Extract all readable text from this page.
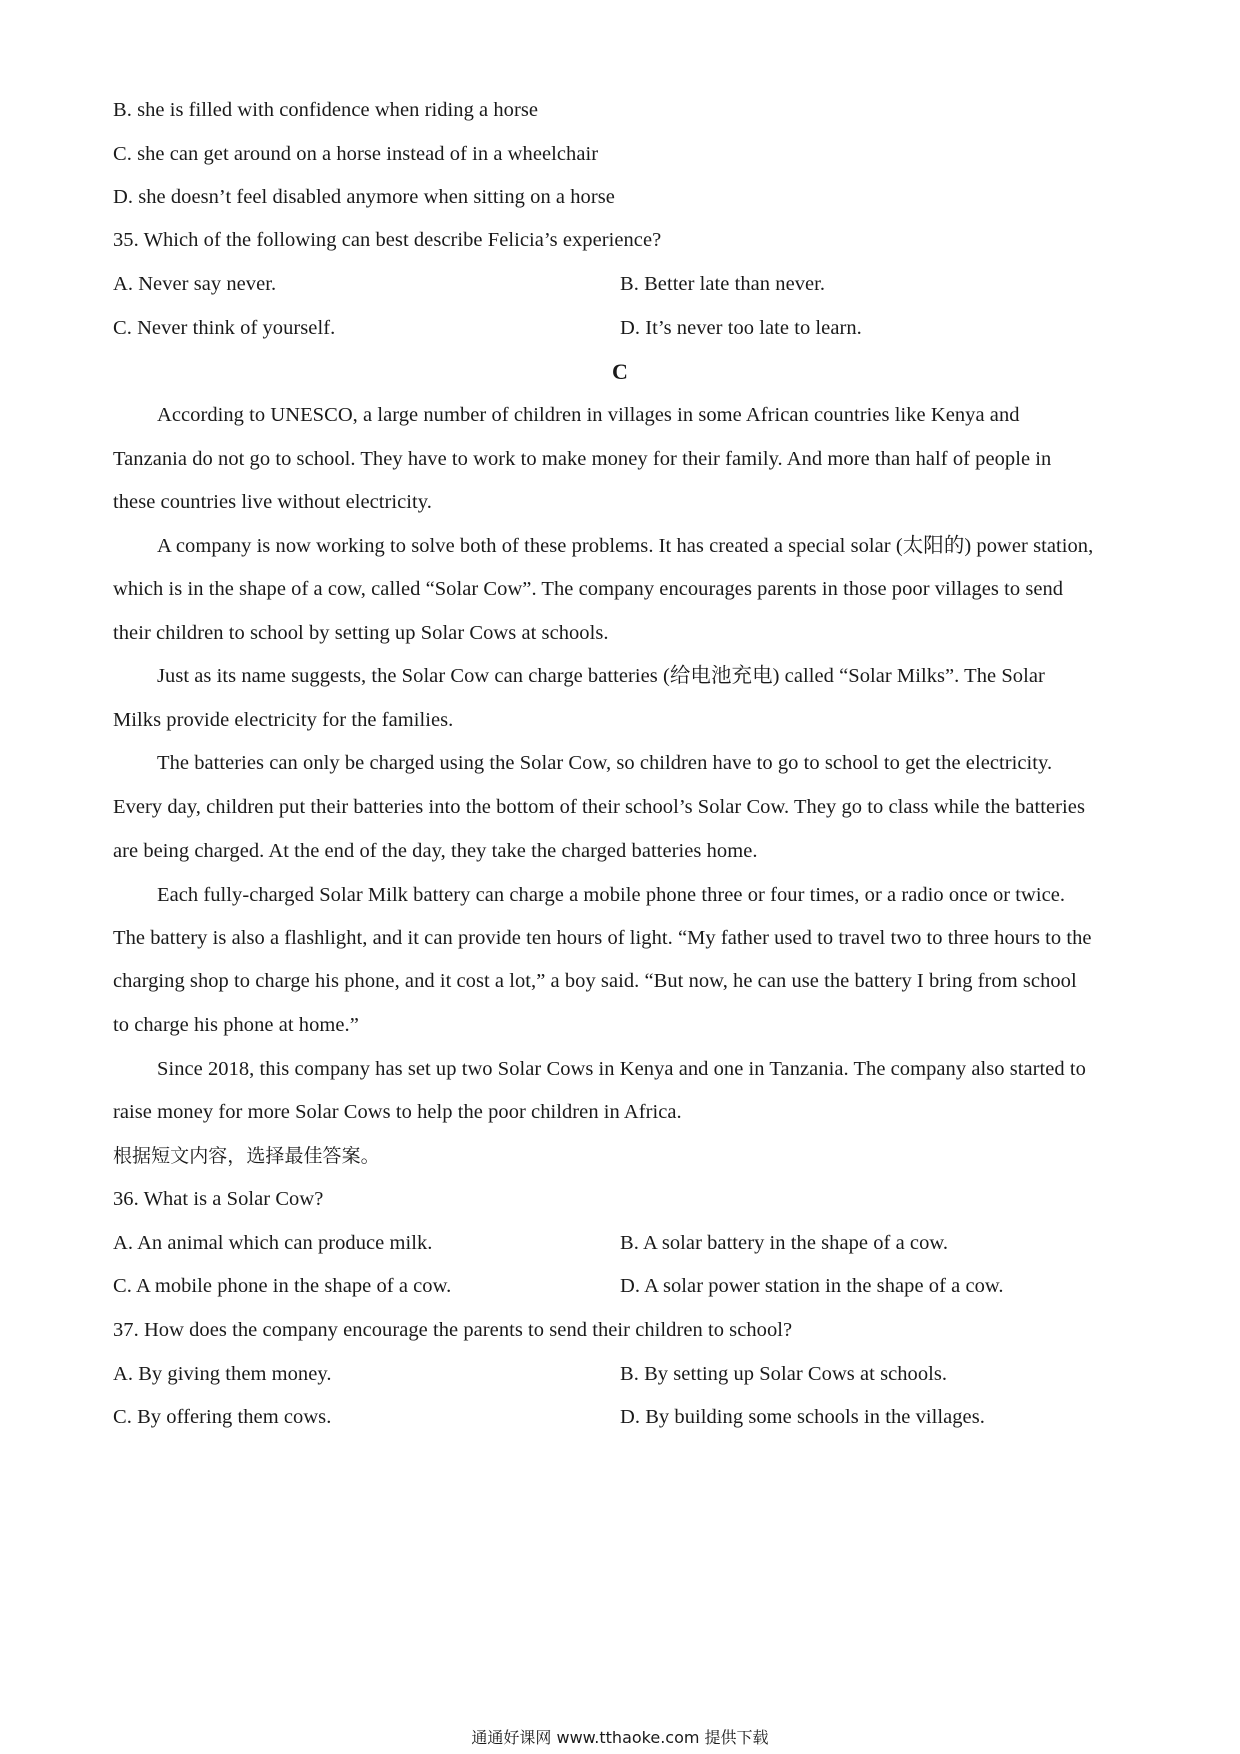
B. she is filled with confidence when riding a horse
C. she can get around on a horse instead of in a wheelchair
D. she doesn’t feel disabled anymore when sitting on a horse
35. Which of the following can best describe Felicia’s experience?
A. Never say never.	B. Better late than never.
C. Never think of yourself.	D. It’s never too late to learn.
C
According to UNESCO, a large number of children in villages in some African countries like Kenya and
Tanzania do not go to school. They have to work to make money for their family. And more than half of people in
these countries live without electricity.
A company is now working to solve both of these problems. It has created a special solar (太阳的) power station,
which is in the shape of a cow, called “Solar Cow”. The company encourages parents in those poor villages to send
their children to school by setting up Solar Cows at schools.
Just as its name suggests, the Solar Cow can charge batteries (给电池充电) called “Solar Milks”. The Solar
Milks provide electricity for the families.
The batteries can only be charged using the Solar Cow, so children have to go to school to get the electricity.
Every day, children put their batteries into the bottom of their school’s Solar Cow. They go to class while the batteries
are being charged. At the end of the day, they take the charged batteries home.
Each fully-charged Solar Milk battery can charge a mobile phone three or four times, or a radio once or twice.
The battery is also a flashlight, and it can provide ten hours of light. “My father used to travel two to three hours to the
charging shop to charge his phone, and it cost a lot,” a boy said. “But now, he can use the battery I bring from school
to charge his phone at home.”
Since 2018, this company has set up two Solar Cows in Kenya and one in Tanzania. The company also started to
raise money for more Solar Cows to help the poor children in Africa.
根据短文内容，选择最佳答案。
36. What is a Solar Cow?
A. An animal which can produce milk.	B. A solar battery in the shape of a cow.
C. A mobile phone in the shape of a cow.	D. A solar power station in the shape of a cow.
37. How does the company encourage the parents to send their children to school?
A. By giving them money.	B. By setting up Solar Cows at schools.
C. By offering them cows.	D. By building some schools in the villages.
通通好课网 www.tthaoke.com 提供下载
